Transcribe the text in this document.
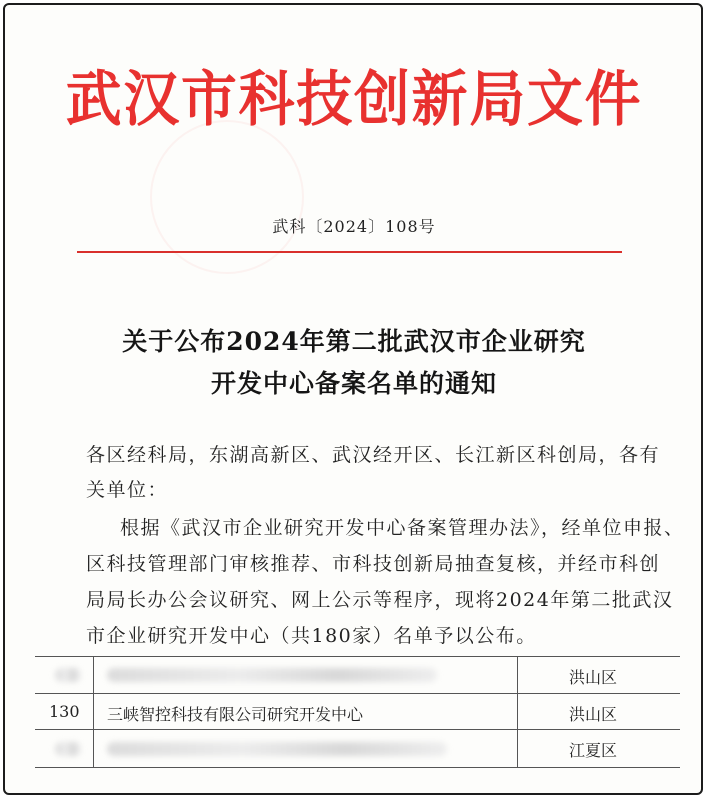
武汉市科技创新局文件
武科〔2024〕108号
关于公布2024年第二批武汉市企业研究
开发中心备案名单的通知
各区经科局，东湖高新区、武汉经开区、长江新区科创局，各有
关单位：
根据《武汉市企业研究开发中心备案管理办法》，经单位申报、
区科技管理部门审核推荐、市科技创新局抽查复核，并经市科创
局局长办公会议研究、网上公示等程序，现将2024年第二批武汉
市企业研究开发中心（共180家）名单予以公布。
洪山区
130 三峡智控科技有限公司研究开发中心	洪山区
江夏区
